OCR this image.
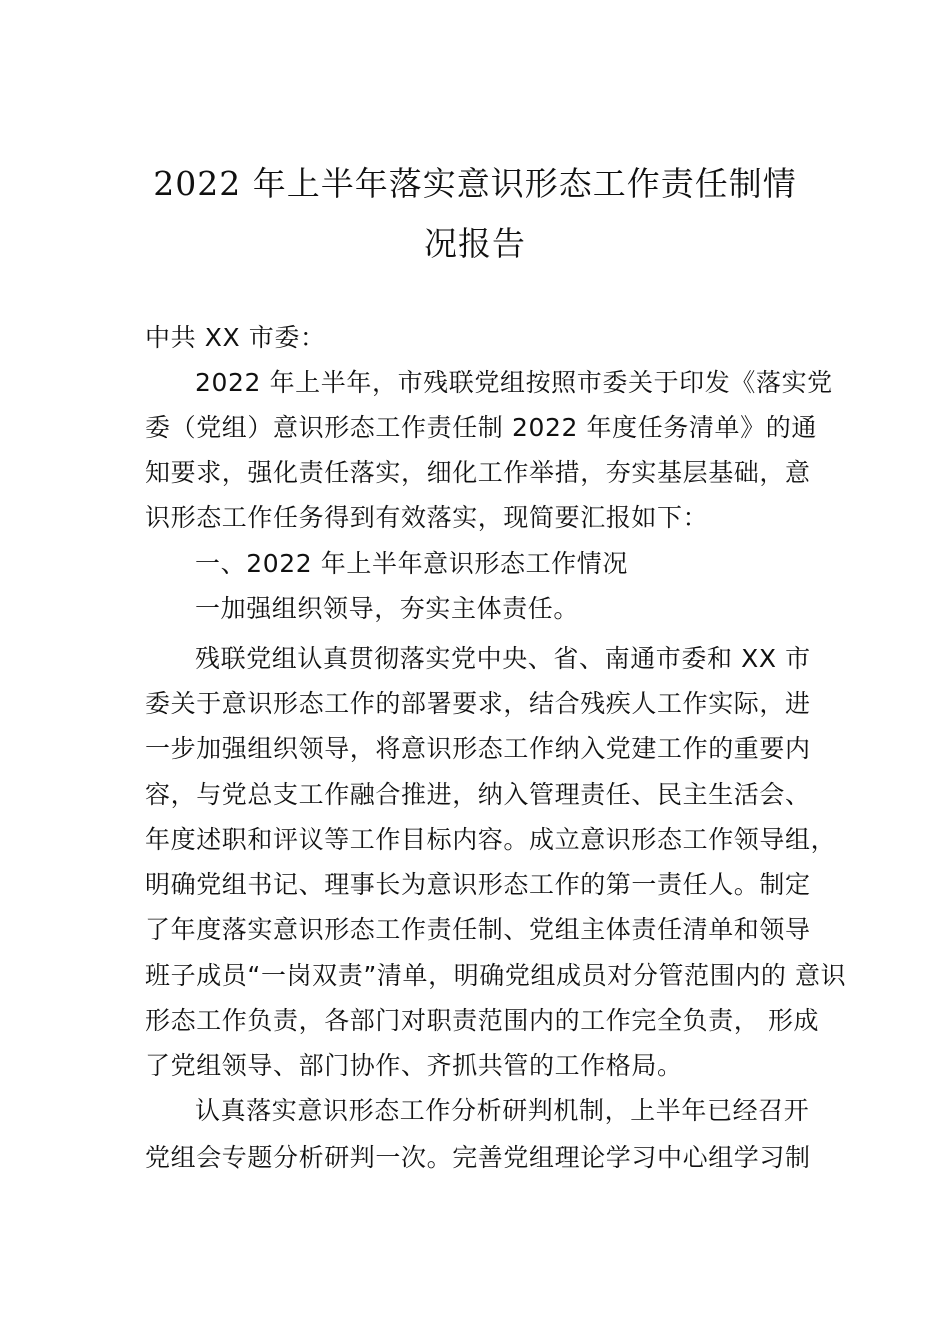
2022 年上半年落实意识形态工作责任制情
况报告
中共 XX 市委：
2022 年上半年，市残联党组按照市委关于印发《落实党
委（党组）意识形态工作责任制 2022 年度任务清单》的通
知要求，强化责任落实，细化工作举措，夯实基层基础，意
识形态工作任务得到有效落实，现简要汇报如下：
一、2022 年上半年意识形态工作情况
一加强组织领导，夯实主体责任。
残联党组认真贯彻落实党中央、省、南通市委和 XX 市
委关于意识形态工作的部署要求，结合残疾人工作实际，进
一步加强组织领导，将意识形态工作纳入党建工作的重要内
容，与党总支工作融合推进，纳入管理责任、民主生活会、
年度述职和评议等工作目标内容。成立意识形态工作领导组，
明确党组书记、理事长为意识形态工作的第一责任人。制定
了年度落实意识形态工作责任制、党组主体责任清单和领导
班子成员“一岗双责”清单，明确党组成员对分管范围内的 意识
形态工作负责，各部门对职责范围内的工作完全负责， 形成
了党组领导、部门协作、齐抓共管的工作格局。
认真落实意识形态工作分析研判机制，上半年已经召开
党组会专题分析研判一次。完善党组理论学习中心组学习制
